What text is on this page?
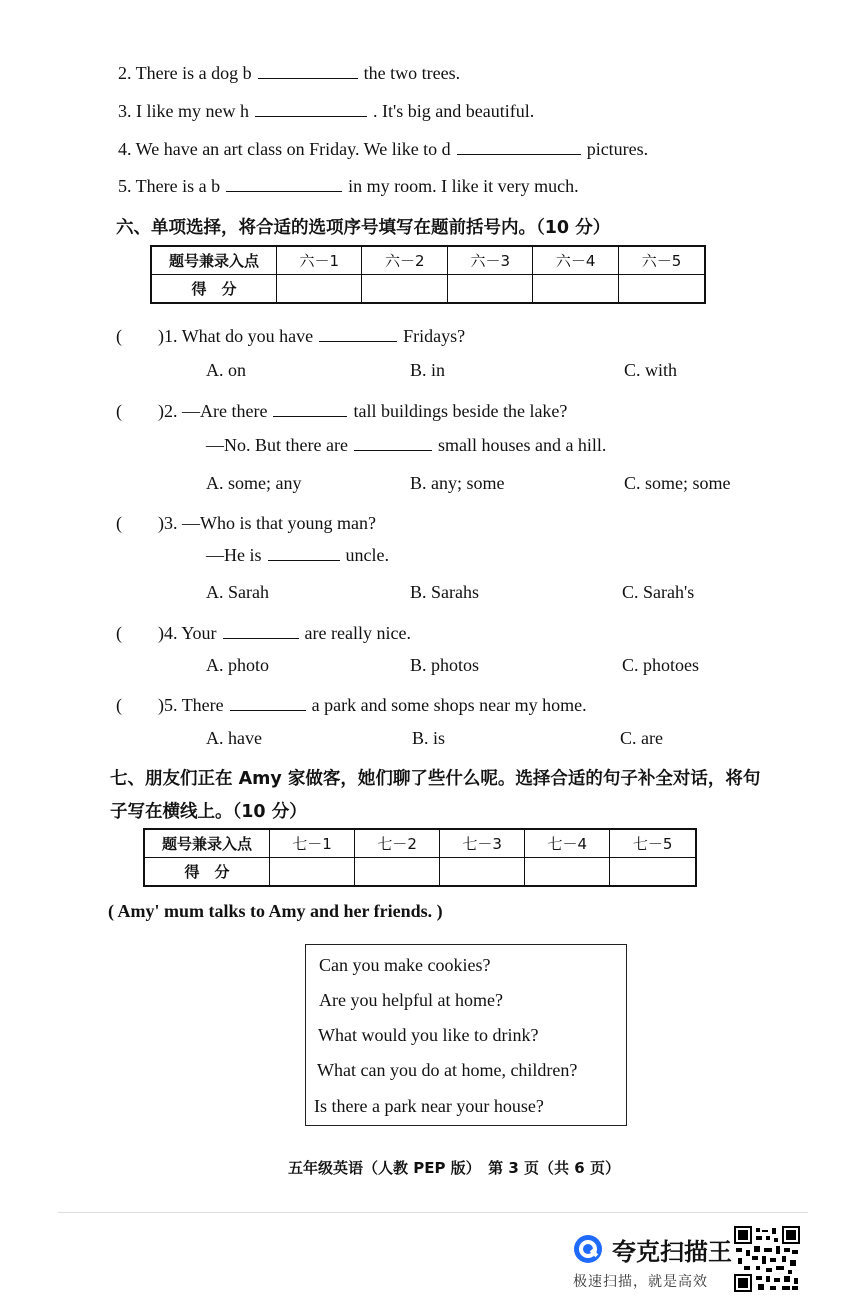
2. There is a dog b	the two trees.
3. I like my new h	. It's big and beautiful.
4. We have an art class on Friday. We like to d	pictures.
5. There is a b	in my room. I like it very much.
六、单项选择，将合适的选项序号填写在题前括号内。（10 分）
题号兼录入点	六－1	六－2	六－3	六－4	六－5
得　分					
(　　)1. What do you have	Fridays?
A. on	B. in	C. with
(　　)2. —Are there	tall buildings beside the lake?
—No. But there are	small houses and a hill.
A. some; any	B. any; some	C. some; some
(　　)3. —Who is that young man?
—He is	uncle.
A. Sarah	B. Sarahs	C. Sarah's
(　　)4. Your	are really nice.
A. photo	B. photos	C. photoes
(　　)5. There	a park and some shops near my home.
A. have	B. is	C. are
七、朋友们正在 Amy 家做客，她们聊了些什么呢。选择合适的句子补全对话，将句
子写在横线上。（10 分）
题号兼录入点	七－1	七－2	七－3	七－4	七－5
得　分					
( Amy' mum talks to Amy and her friends. )
Can you make cookies?
Are you helpful at home?
What would you like to drink?
What can you do at home, children?
Is there a park near your house?
五年级英语（人教 PEP 版）　第 3 页（共 6 页）
夸克扫描王
极速扫描，就是高效
